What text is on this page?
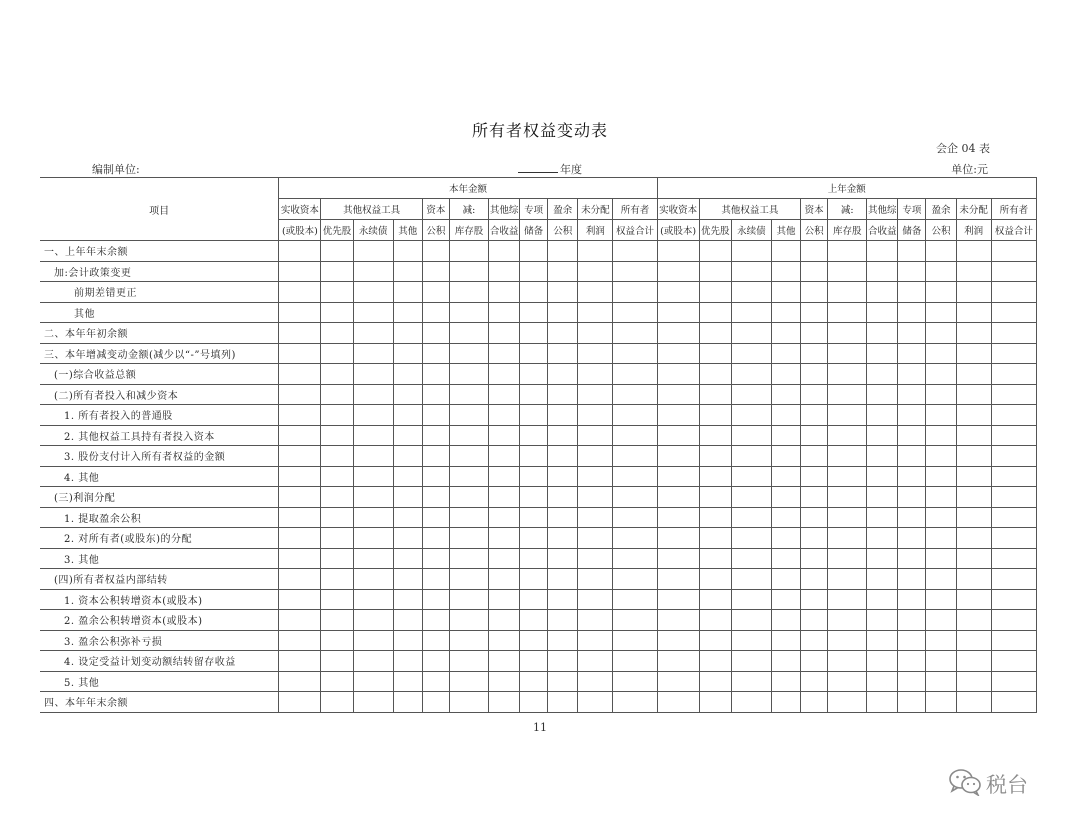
所有者权益变动表
会企 04 表
编制单位:	年度	单位:元
项目	本年金额											上年金额										
	实收资本	其他权益工具			资本	减:	其他综	专项	盈余	未分配	所有者	实收资本	其他权益工具			资本	减:	其他综	专项	盈余	未分配	所有者
	(或股本)	优先股	永续债	其他	公积	库存股	合收益	储备	公积	利润	权益合计	(或股本)	优先股	永续债	其他	公积	库存股	合收益	储备	公积	利润	权益合计
一、上年年末余额																						
加:会计政策变更																						
前期差错更正																						
其他																						
二、本年年初余额																						
三、本年增减变动金额(减少以“-”号填列)																						
(一)综合收益总额																						
(二)所有者投入和减少资本																						
1. 所有者投入的普通股																						
2. 其他权益工具持有者投入资本																						
3. 股份支付计入所有者权益的金额																						
4. 其他																						
(三)利润分配																						
1. 提取盈余公积																						
2. 对所有者(或股东)的分配																						
3. 其他																						
(四)所有者权益内部结转																						
1. 资本公积转增资本(或股本)																						
2. 盈余公积转增资本(或股本)																						
3. 盈余公积弥补亏损																						
4. 设定受益计划变动额结转留存收益																						
5. 其他																						
四、本年年末余额																						
11
税台
